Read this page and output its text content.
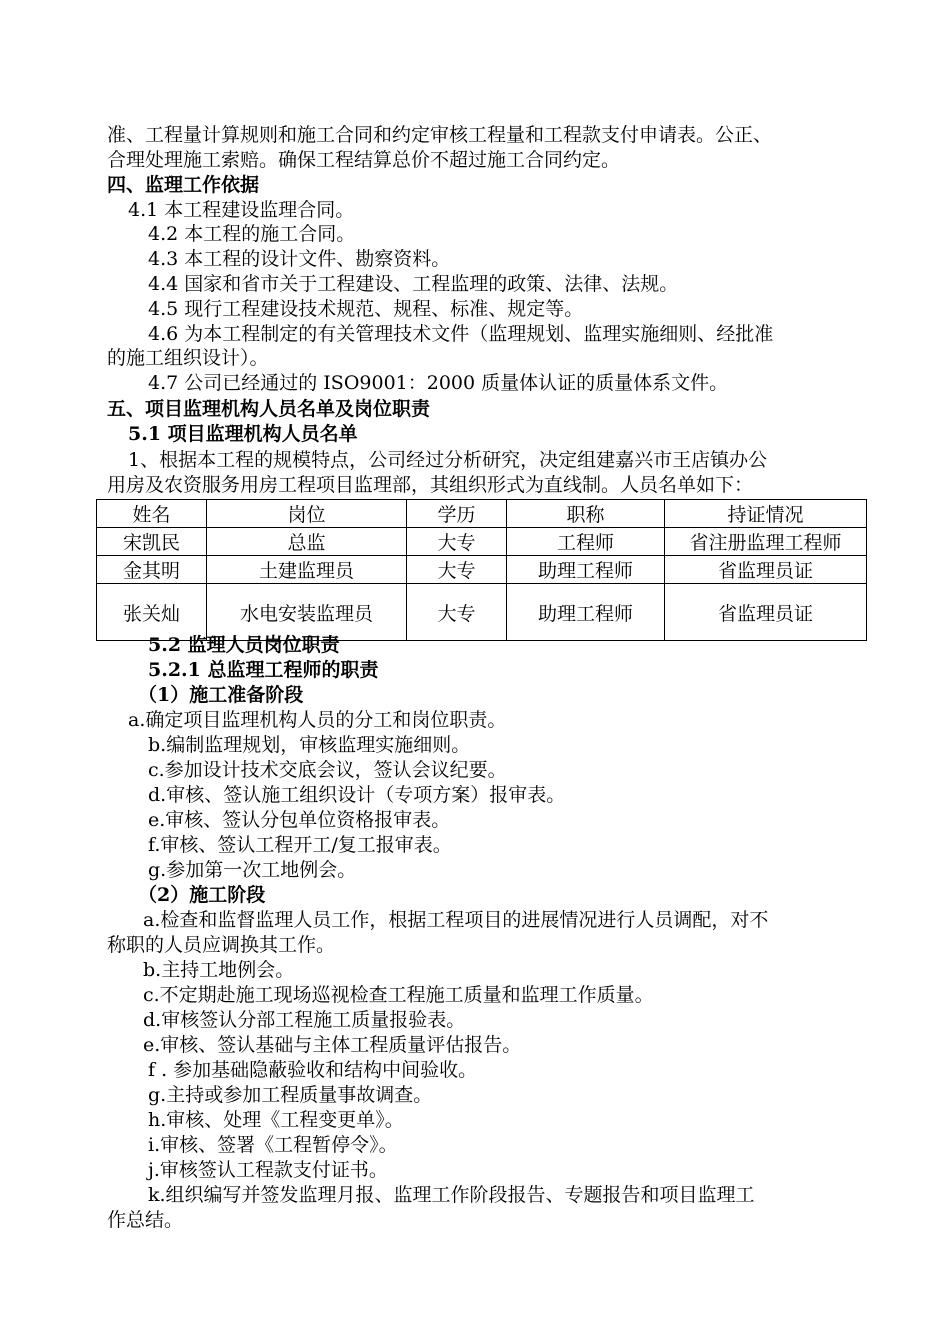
准、工程量计算规则和施工合同和约定审核工程量和工程款支付申请表。公正、
合理处理施工索赔。确保工程结算总价不超过施工合同约定。
四、监理工作依据
4.1 本工程建设监理合同。
4.2 本工程的施工合同。
4.3 本工程的设计文件、勘察资料。
4.4 国家和省市关于工程建设、工程监理的政策、法律、法规。
4.5 现行工程建设技术规范、规程、标准、规定等。
4.6 为本工程制定的有关管理技术文件（监理规划、监理实施细则、经批准
的施工组织设计）。
4.7 公司已经通过的 ISO9001：2000 质量体认证的质量体系文件。
五、项目监理机构人员名单及岗位职责
5.1 项目监理机构人员名单
1、根据本工程的规模特点，公司经过分析研究，决定组建嘉兴市王店镇办公
用房及农资服务用房工程项目监理部，其组织形式为直线制。人员名单如下：
姓名	岗位	学历	职称	持证情况
宋凯民	总监	大专	工程师	省注册监理工程师
金其明	土建监理员	大专	助理工程师	省监理员证
张关灿	水电安装监理员	大专	助理工程师	省监理员证
5.2 监理人员岗位职责
5.2.1 总监理工程师的职责
（1）施工准备阶段
a.确定项目监理机构人员的分工和岗位职责。
b.编制监理规划，审核监理实施细则。
c.参加设计技术交底会议，签认会议纪要。
d.审核、签认施工组织设计（专项方案）报审表。
e.审核、签认分包单位资格报审表。
f.审核、签认工程开工/复工报审表。
g.参加第一次工地例会。
（2）施工阶段
a.检查和监督监理人员工作，根据工程项目的进展情况进行人员调配，对不
称职的人员应调换其工作。
b.主持工地例会。
c.不定期赴施工现场巡视检查工程施工质量和监理工作质量。
d.审核签认分部工程施工质量报验表。
e.审核、签认基础与主体工程质量评估报告。
f . 参加基础隐蔽验收和结构中间验收。
g.主持或参加工程质量事故调查。
h.审核、处理《工程变更单》。
i.审核、签署《工程暂停令》。
j.审核签认工程款支付证书。
k.组织编写并签发监理月报、监理工作阶段报告、专题报告和项目监理工
作总结。
